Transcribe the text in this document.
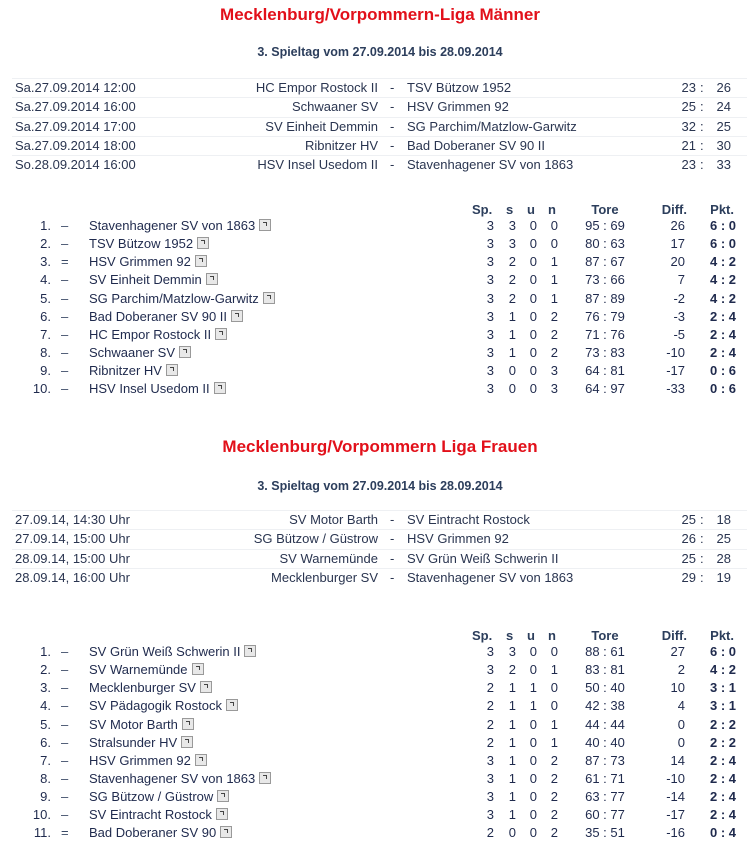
Mecklenburg/Vorpommern-Liga Männer
3. Spieltag vom 27.09.2014 bis 28.09.2014
Sa.27.09.2014 12:00	HC Empor Rostock II - TSV Bützow 1952	23 : 26
Sa.27.09.2014 16:00	Schwaaner SV - HSV Grimmen 92	25 : 24
Sa.27.09.2014 17:00	SV Einheit Demmin - SG Parchim/Matzlow-Garwitz	32 : 25
Sa.27.09.2014 18:00	Ribnitzer HV - Bad Doberaner SV 90 II	21 : 30
So.28.09.2014 16:00	HSV Insel Usedom II - Stavenhagener SV von 1863	23 : 33
Sp. s u n	Tore	Diff. Pkt.
1. – Stavenhagener SV von 1863	3	3	0	0	95 : 69	26 6 : 0
2. – TSV Bützow 1952	3	3	0	0	80 : 63	17 6 : 0
3. = HSV Grimmen 92	3	2	0	1	87 : 67	20 4 : 2
4. – SV Einheit Demmin	3	2	0	1	73 : 66	7 4 : 2
5. – SG Parchim/Matzlow-Garwitz	3	2	0	1	87 : 89	-2 4 : 2
6. – Bad Doberaner SV 90 II	3	1	0	2	76 : 79	-3 2 : 4
7. – HC Empor Rostock II	3	1	0	2	71 : 76	-5 2 : 4
8. – Schwaaner SV	3	1	0	2	73 : 83	-10 2 : 4
9. – Ribnitzer HV	3	0	0	3	64 : 81	-17 0 : 6
10. – HSV Insel Usedom II	3	0	0	3	64 : 97	-33 0 : 6
Mecklenburg/Vorpommern Liga Frauen
3. Spieltag vom 27.09.2014 bis 28.09.2014
27.09.14, 14:30 Uhr	SV Motor Barth - SV Eintracht Rostock	25 : 18
27.09.14, 15:00 Uhr	SG Bützow / Güstrow - HSV Grimmen 92	26 : 25
28.09.14, 15:00 Uhr	SV Warnemünde - SV Grün Weiß Schwerin II	25 : 28
28.09.14, 16:00 Uhr	Mecklenburger SV - Stavenhagener SV von 1863	29 : 19
Sp. s u n	Tore	Diff. Pkt.
1. – SV Grün Weiß Schwerin II	3	3	0	0	88 : 61	27 6 : 0
2. – SV Warnemünde	3	2	0	1	83 : 81	2 4 : 2
3. – Mecklenburger SV	2	1	1	0	50 : 40	10 3 : 1
4. – SV Pädagogik Rostock	2	1	1	0	42 : 38	4 3 : 1
5. – SV Motor Barth	2	1	0	1	44 : 44	0 2 : 2
6. – Stralsunder HV	2	1	0	1	40 : 40	0 2 : 2
7. – HSV Grimmen 92	3	1	0	2	87 : 73	14 2 : 4
8. – Stavenhagener SV von 1863	3	1	0	2	61 : 71	-10 2 : 4
9. – SG Bützow / Güstrow	3	1	0	2	63 : 77	-14 2 : 4
10. – SV Eintracht Rostock	3	1	0	2	60 : 77	-17 2 : 4
11. = Bad Doberaner SV 90	2	0	0	2	35 : 51	-16 0 : 4
